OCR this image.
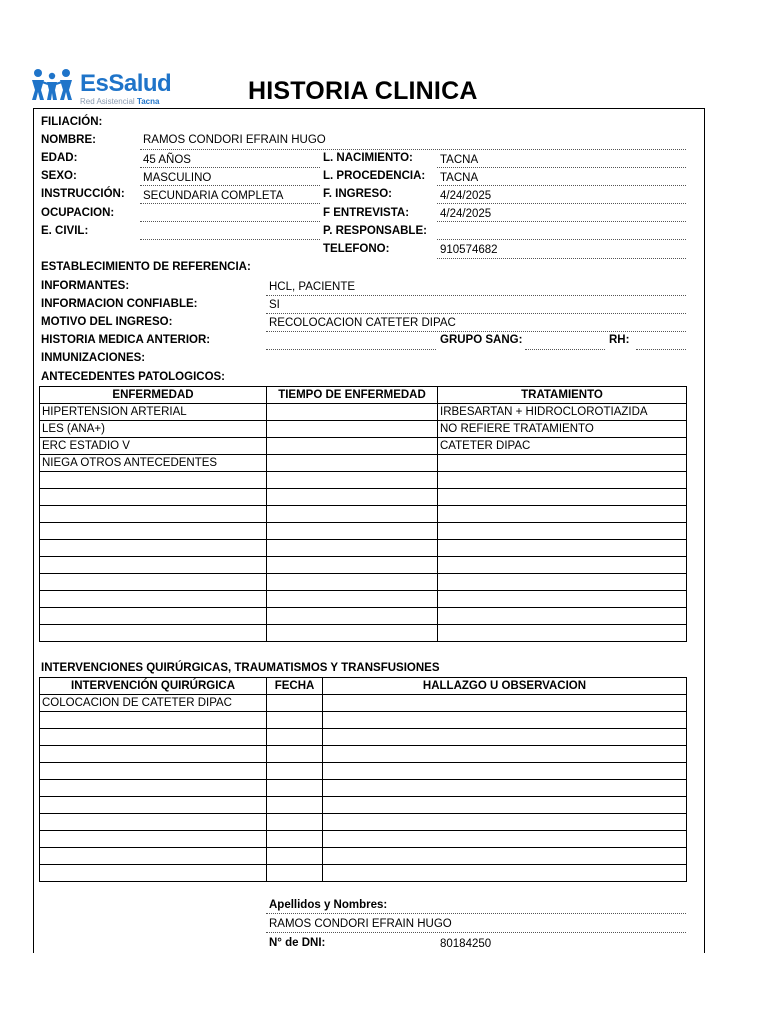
EsSalud
Red Asistencial Tacna	HISTORIA CLINICA
FILIACIÓN:
NOMBRE:	RAMOS CONDORI EFRAIN HUGO
EDAD:	45 AÑOS
SEXO:	MASCULINO
INSTRUCCIÓN: SECUNDARIA COMPLETA
OCUPACION:
E. CIVIL:
L. NACIMIENTO: TACNA
L. PROCEDENCIA: TACNA
F. INGRESO:	4/24/2025
F ENTREVISTA:	4/24/2025
P. RESPONSABLE:
TELEFONO:	910574682
ESTABLECIMIENTO DE REFERENCIA:
INFORMANTES:	HCL, PACIENTE
INFORMACION CONFIABLE:	SI
MOTIVO DEL INGRESO:	RECOLOCACION CATETER DIPAC
HISTORIA MEDICA ANTERIOR:	GRUPO SANG:	RH:
INMUNIZACIONES:
ANTECEDENTES PATOLOGICOS:
ENFERMEDAD	TIEMPO DE ENFERMEDAD	TRATAMIENTO
HIPERTENSION ARTERIAL		IRBESARTAN + HIDROCLOROTIAZIDA
LES (ANA+)		NO REFIERE TRATAMIENTO
ERC ESTADIO V		CATETER DIPAC
NIEGA OTROS ANTECEDENTES		

INTERVENCIONES QUIRÚRGICAS, TRAUMATISMOS Y TRANSFUSIONES
INTERVENCIÓN QUIRÚRGICA	FECHA	HALLAZGO U OBSERVACION
COLOCACION DE CATETER DIPAC		

Apellidos y Nombres:
RAMOS CONDORI EFRAIN HUGO
N° de DNI:	80184250
